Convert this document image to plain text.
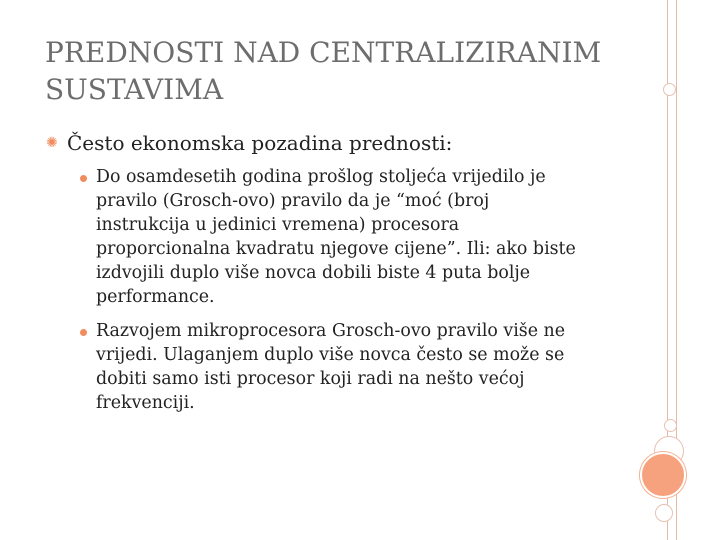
PREDNOSTI NAD CENTRALIZIRANIM
SUSTAVIMA
✺ Često ekonomska pozadina prednosti:
Do osamdesetih godina prošlog stoljeća vrijedilo je
pravilo (Grosch-ovo) pravilo da je “moć (broj
instrukcija u jedinici vremena) procesora
proporcionalna kvadratu njegove cijene”. Ili: ako biste
izdvojili duplo više novca dobili biste 4 puta bolje
performance.
Razvojem mikroprocesora Grosch-ovo pravilo više ne
vrijedi. Ulaganjem duplo više novca često se može se
dobiti samo isti procesor koji radi na nešto većoj
frekvenciji.
